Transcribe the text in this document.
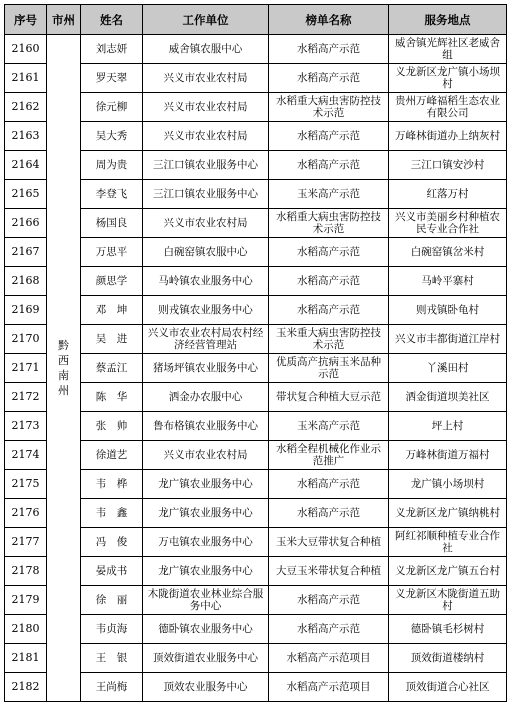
序号	市州	姓名	工作单位	榜单名称	服务地点
2160	黔西南州	刘志妍	威舍镇农服中心	水稻高产示范	威舍镇光辉社区老威舍组

2161		罗天翠	兴义市农业农村局	水稻高产示范	义龙新区龙广镇小场坝村

2162		徐元柳	兴义市农业农村局	水稻重大病虫害防控技术示范	贵州万峰福稻生态农业有限公司

2163		吴大秀	兴义市农业农村局	水稻高产示范	万峰林街道办上纳灰村

2164		周为贵	三江口镇农业服务中心	水稻高产示范	三江口镇安沙村

2165		李登飞	三江口镇农业服务中心	玉米高产示范	红落万村

2166		杨国良	兴义市农业农村局	水稻重大病虫害防控技术示范	兴义市美丽乡村种植农民专业合作社

2167		万思平	白碗窑镇农服中心	水稻高产示范	白碗窑镇岔米村

2168		颜思学	马岭镇农业服务中心	水稻高产示范	马岭平寨村

2169		邓　坤	则戎镇农业服务中心	水稻高产示范	则戎镇卧龟村

2170		吴　进	兴义市农业农村局农村经济经营管理站	玉米重大病虫害防控技术示范	兴义市丰都街道江岸村

2171		蔡孟江	猪场坪镇农业服务中心	优质高产抗病玉米品种示范	丫溪田村

2172		陈　华	洒金办农服中心	带状复合种植大豆示范	洒金街道坝美社区

2173		张　帅	鲁布格镇农业服务中心	玉米高产示范	坪上村

2174		徐道艺	兴义市农业农村局	水稻全程机械化作业示范推广	万峰林街道万福村

2175		韦　桦	龙广镇农业服务中心	水稻高产示范	龙广镇小场坝村

2176		韦　鑫	龙广镇农业服务中心	水稻高产示范	义龙新区龙广镇纳桃村

2177		冯　俊	万屯镇农业服务中心	玉米大豆带状复合种植	阿红祁顺种植专业合作社

2178		晏成书	龙广镇农业服务中心	大豆玉米带状复合种植	义龙新区龙广镇五台村

2179		徐　丽	木陇街道农业林业综合服务中心	水稻高产示范	义龙新区木陇街道五助村

2180		韦贞海	德卧镇农业服务中心	水稻高产示范	德卧镇毛杉树村

2181		王　银	顶效街道农业服务中心	水稻高产示范项目	顶效街道楼纳村

2182		王尚梅	顶效农业服务中心	水稻高产示范项目	顶效街道合心社区
